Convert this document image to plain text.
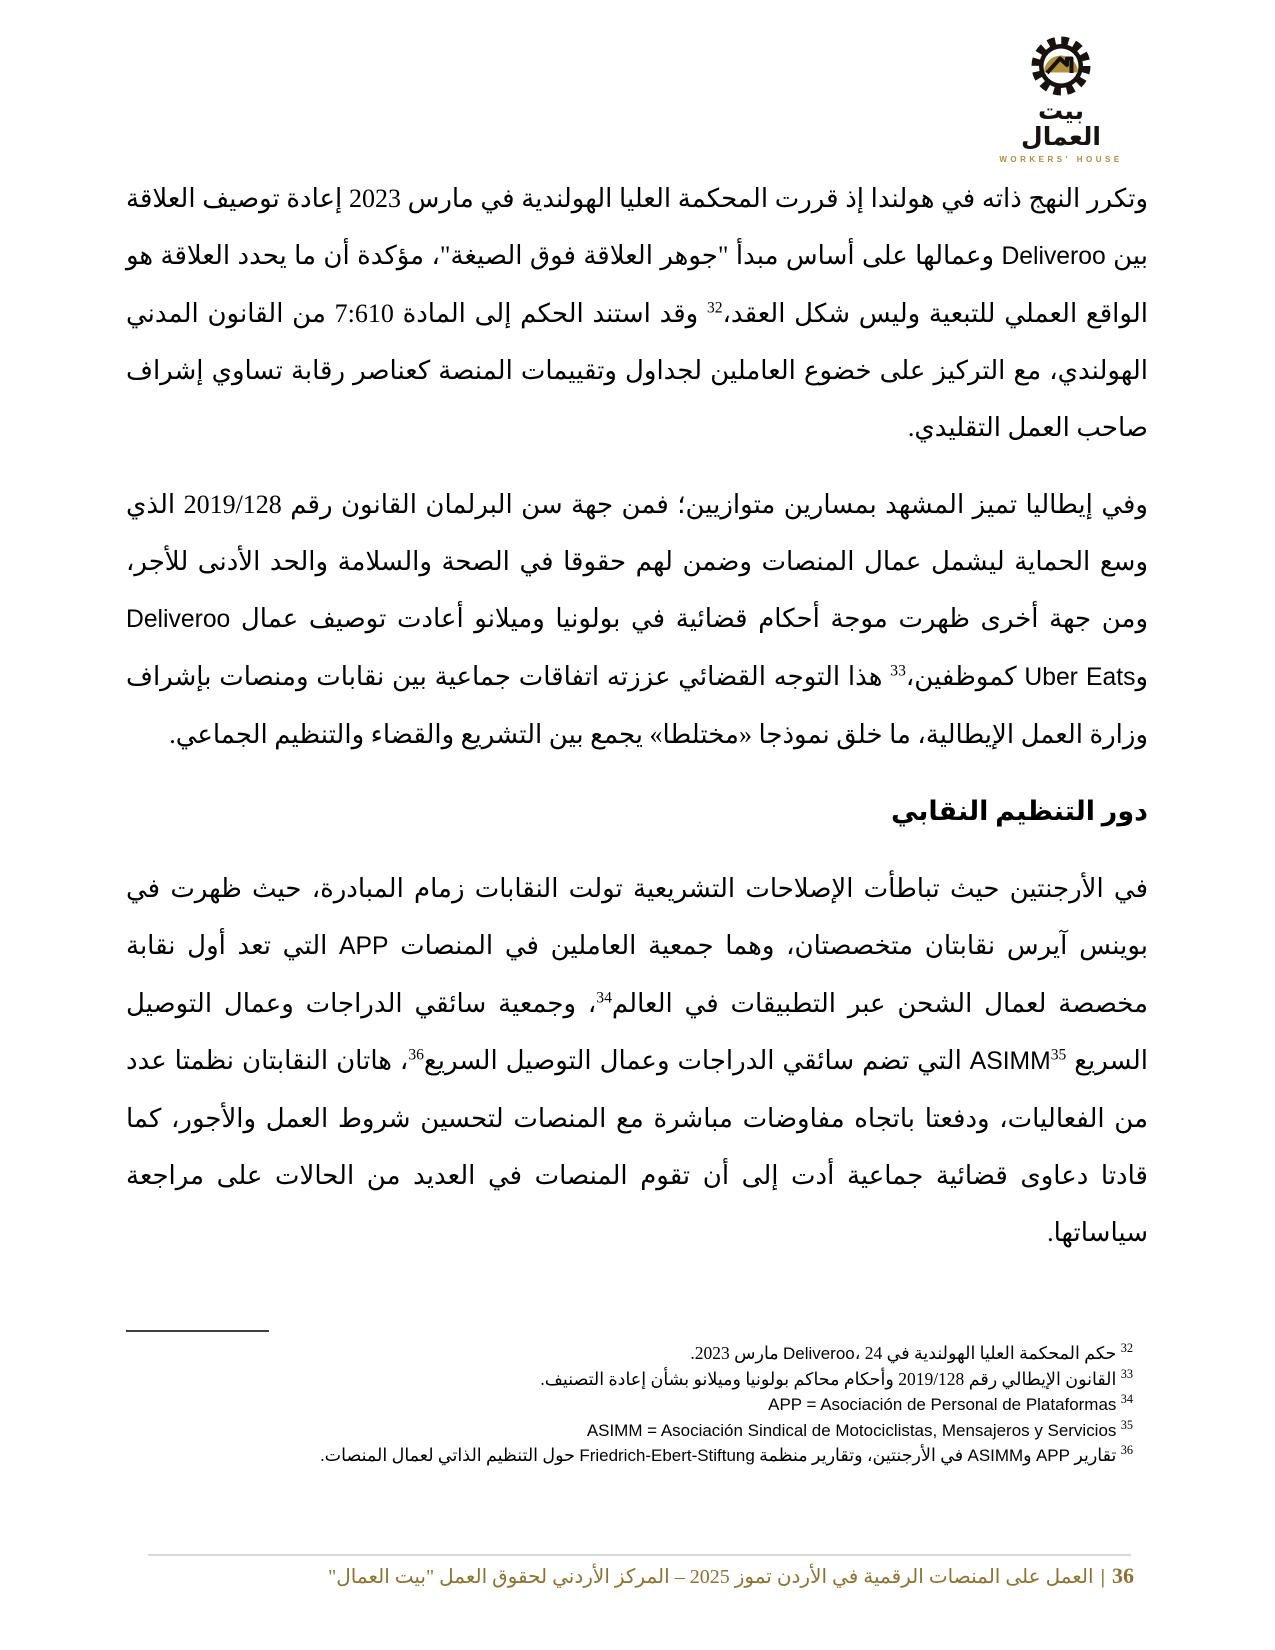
بيت
العمال
WORKERS' HOUSE

وتكرر النهج ذاته في هولندا إذ قررت المحكمة العليا الهولندية في مارس 2023 إعادة توصيف العلاقة بين Deliveroo وعمالها على أساس مبدأ "جوهر العلاقة فوق الصيغة"، مؤكدة أن ما يحدد العلاقة هو الواقع العملي للتبعية وليس شكل العقد،$^{32}$ وقد استند الحكم إلى المادة 7:610 من القانون المدني الهولندي، مع التركيز على خضوع العاملين لجداول وتقييمات المنصة كعناصر رقابة تساوي إشراف صاحب العمل التقليدي.

وفي إيطاليا تميز المشهد بمسارين متوازيين؛ فمن جهة سن البرلمان القانون رقم 2019/128 الذي وسع الحماية ليشمل عمال المنصات وضمن لهم حقوقا في الصحة والسلامة والحد الأدنى للأجر، ومن جهة أخرى ظهرت موجة أحكام قضائية في بولونيا وميلانو أعادت توصيف عمال Deliveroo وUber Eats كموظفين،$^{33}$ هذا التوجه القضائي عززته اتفاقات جماعية بين نقابات ومنصات بإشراف وزارة العمل الإيطالية، ما خلق نموذجا «مختلطا» يجمع بين التشريع والقضاء والتنظيم الجماعي.

دور التنظيم النقابي

في الأرجنتين حيث تباطأت الإصلاحات التشريعية تولت النقابات زمام المبادرة، حيث ظهرت في بوينس آيرس نقابتان متخصصتان، وهما جمعية العاملين في المنصات APP التي تعد أول نقابة مخصصة لعمال الشحن عبر التطبيقات في العالم$^{34}$، وجمعية سائقي الدراجات وعمال التوصيل السريع ASIMM$^{35}$ التي تضم سائقي الدراجات وعمال التوصيل السريع$^{36}$، هاتان النقابتان نظمتا عدد من الفعاليات، ودفعتا باتجاه مفاوضات مباشرة مع المنصات لتحسين شروط العمل والأجور، كما قادتا دعاوى قضائية جماعية أدت إلى أن تقوم المنصات في العديد من الحالات على مراجعة سياساتها.

$^{32}$ حكم المحكمة العليا الهولندية في Deliveroo، 24 مارس 2023.
$^{33}$ القانون الإيطالي رقم 2019/128 وأحكام محاكم بولونيا وميلانو بشأن إعادة التصنيف.
$^{34}$ APP = Asociación de Personal de Plataformas
$^{35}$ ASIMM = Asociación Sindical de Motociclistas, Mensajeros y Servicios
$^{36}$ تقارير APP وASIMM في الأرجنتين، وتقارير منظمة Friedrich-Ebert-Stiftung حول التنظيم الذاتي لعمال المنصات.
36|العمل على المنصات الرقمية في الأردن تموز 2025 – المركز الأردني لحقوق العمل "بيت العمال"
